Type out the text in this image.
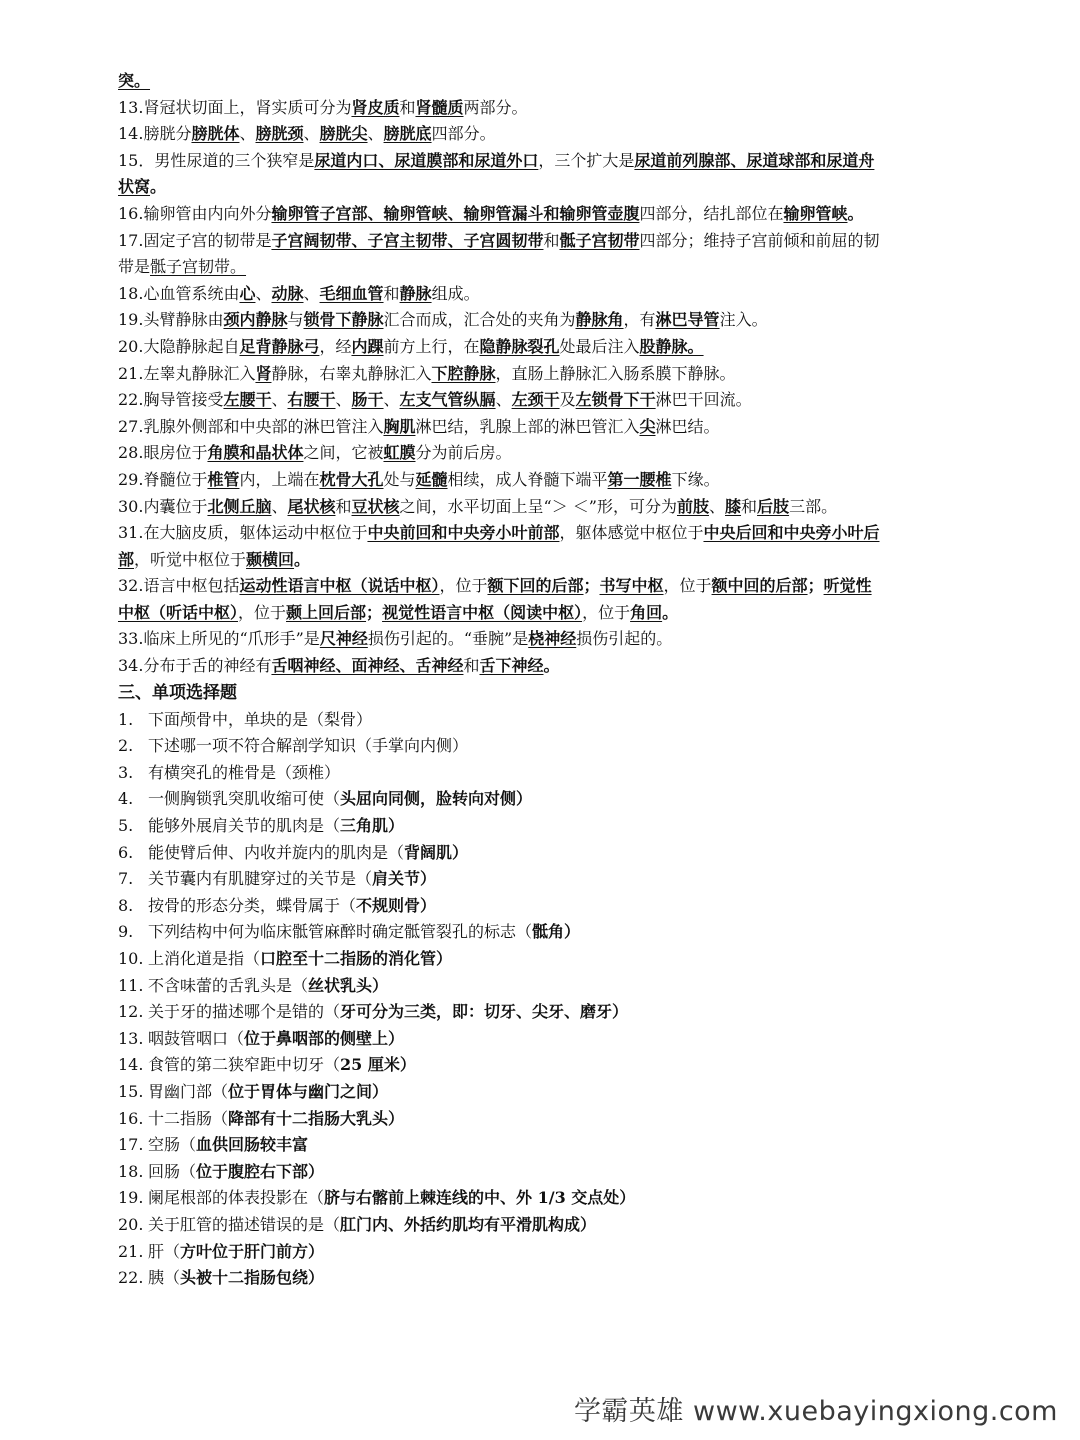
突。
13.肾冠状切面上，肾实质可分为肾皮质和肾髓质两部分。
14.膀胱分膀胱体、膀胱颈、膀胱尖、膀胱底四部分。
15．男性尿道的三个狭窄是尿道内口、尿道膜部和尿道外口，三个扩大是尿道前列腺部、尿道球部和尿道舟
状窝。
16.输卵管由内向外分输卵管子宫部、输卵管峡、输卵管漏斗和输卵管壶腹四部分，结扎部位在输卵管峡。
17.固定子宫的韧带是子宫阔韧带、子宫主韧带、子宫圆韧带和骶子宫韧带四部分；维持子宫前倾和前屈的韧
带是骶子宫韧带。
18.心血管系统由心、动脉、毛细血管和静脉组成。
19.头臂静脉由颈内静脉与锁骨下静脉汇合而成，汇合处的夹角为静脉角，有淋巴导管注入。
20.大隐静脉起自足背静脉弓，经内踝前方上行，在隐静脉裂孔处最后注入股静脉。
21.左睾丸静脉汇入肾静脉，右睾丸静脉汇入下腔静脉，直肠上静脉汇入肠系膜下静脉。
22.胸导管接受左腰干、右腰干、肠干、左支气管纵膈、左颈干及左锁骨下干淋巴干回流。
27.乳腺外侧部和中央部的淋巴管注入胸肌淋巴结，乳腺上部的淋巴管汇入尖淋巴结。
28.眼房位于角膜和晶状体之间，它被虹膜分为前后房。
29.脊髓位于椎管内，上端在枕骨大孔处与延髓相续，成人脊髓下端平第一腰椎下缘。
30.内囊位于北侧丘脑、尾状核和豆状核之间，水平切面上呈“＞ ＜”形，可分为前肢、膝和后肢三部。
31.在大脑皮质，躯体运动中枢位于中央前回和中央旁小叶前部，躯体感觉中枢位于中央后回和中央旁小叶后
部，听觉中枢位于颞横回。
32.语言中枢包括运动性语言中枢（说话中枢），位于额下回的后部；书写中枢，位于额中回的后部；听觉性
中枢（听话中枢），位于颞上回后部；视觉性语言中枢（阅读中枢），位于角回。
33.临床上所见的“爪形手”是尺神经损伤引起的。“垂腕”是桡神经损伤引起的。
34.分布于舌的神经有舌咽神经、面神经、舌神经和舌下神经。
三、单项选择题
1. 下面颅骨中，单块的是（梨骨）
2. 下述哪一项不符合解剖学知识（手掌向内侧）
3. 有横突孔的椎骨是（颈椎）
4. 一侧胸锁乳突肌收缩可使（头屈向同侧，脸转向对侧）
5. 能够外展肩关节的肌肉是（三角肌）
6. 能使臂后伸、内收并旋内的肌肉是（背阔肌）
7. 关节囊内有肌腱穿过的关节是（肩关节）
8. 按骨的形态分类，蝶骨属于（不规则骨）
9. 下列结构中何为临床骶管麻醉时确定骶管裂孔的标志（骶角）
10. 上消化道是指（口腔至十二指肠的消化管）
11. 不含味蕾的舌乳头是（丝状乳头）
12. 关于牙的描述哪个是错的（牙可分为三类，即：切牙、尖牙、磨牙）
13. 咽鼓管咽口（位于鼻咽部的侧壁上）
14. 食管的第二狭窄距中切牙（25 厘米）
15. 胃幽门部（位于胃体与幽门之间）
16. 十二指肠（降部有十二指肠大乳头）
17. 空肠（血供回肠较丰富
18. 回肠（位于腹腔右下部）
19. 阑尾根部的体表投影在（脐与右髂前上棘连线的中、外 1/3 交点处）
20. 关于肛管的描述错误的是（肛门内、外括约肌均有平滑肌构成）
21. 肝（方叶位于肝门前方）
22. 胰（头被十二指肠包绕）
学霸英雄 www.xuebayingxiong.com
